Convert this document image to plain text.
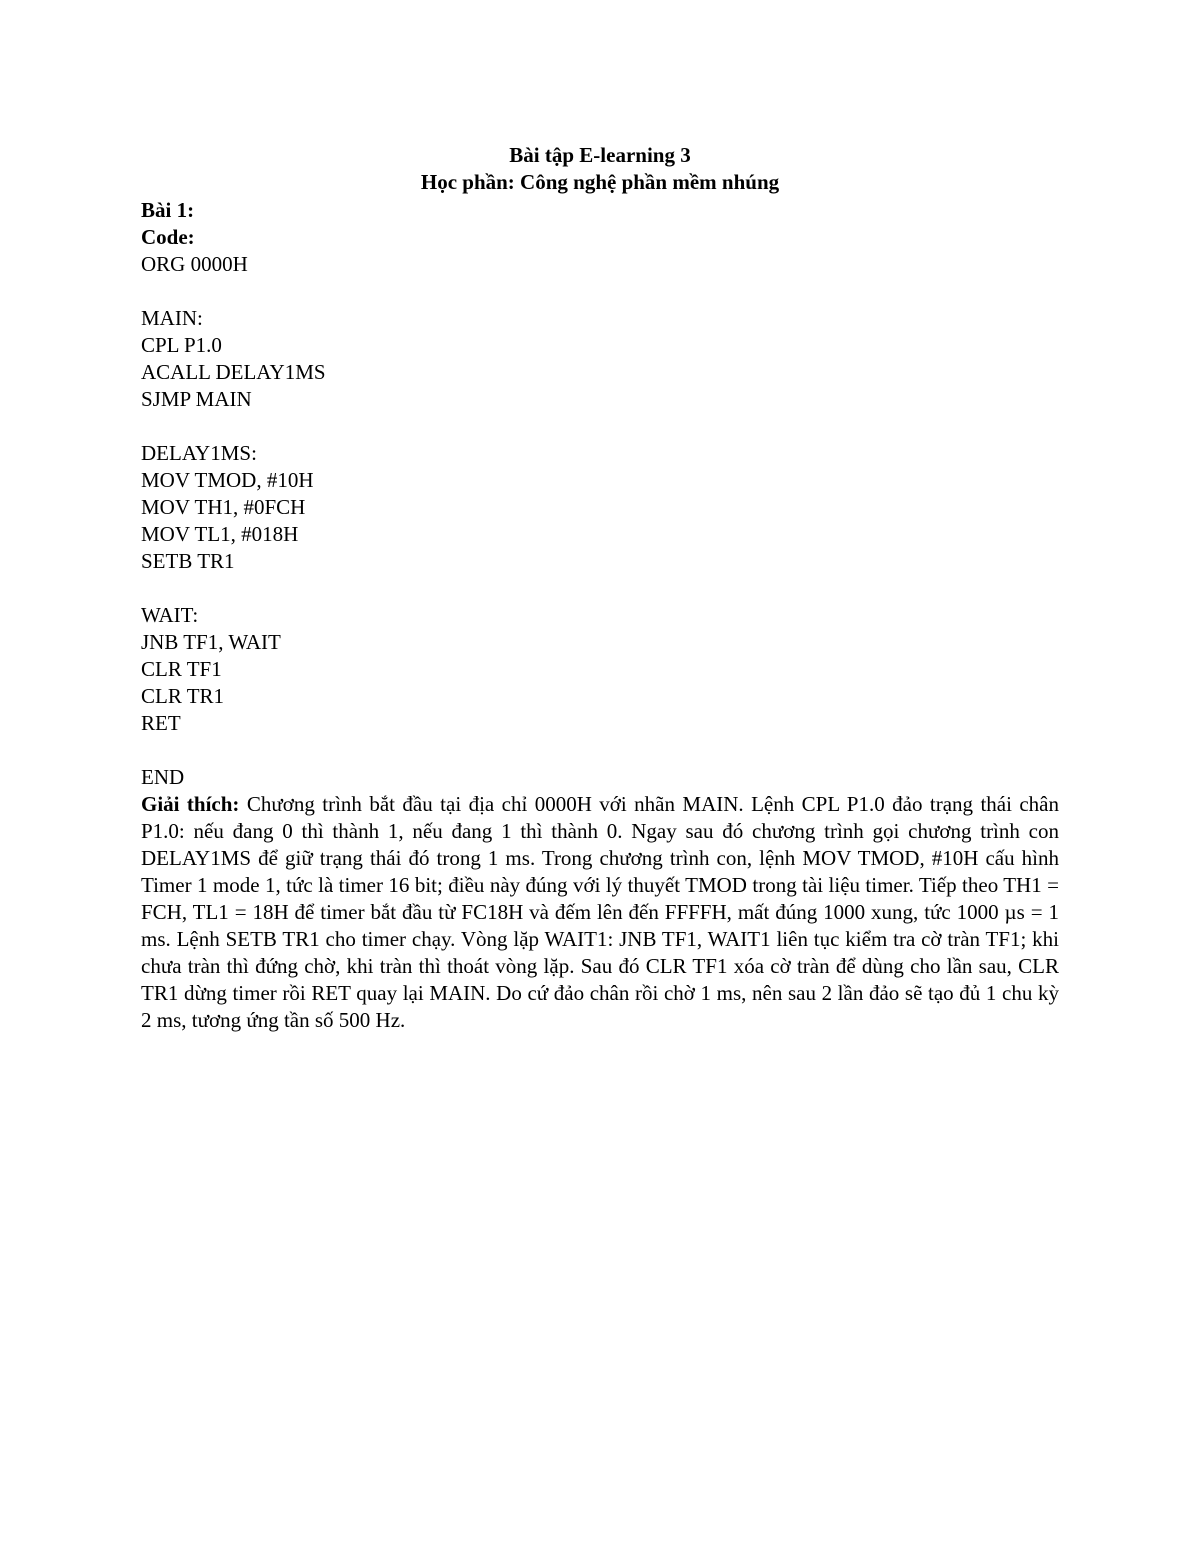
Bài tập E-learning 3
Học phần: Công nghệ phần mềm nhúng
Bài 1:
Code:
ORG 0000H
MAIN:
CPL P1.0
ACALL DELAY1MS
SJMP MAIN
DELAY1MS:
MOV TMOD, #10H
MOV TH1, #0FCH
MOV TL1, #018H
SETB TR1
WAIT:
JNB TF1, WAIT
CLR TF1
CLR TR1
RET
END
Giải thích: Chương trình bắt đầu tại địa chỉ 0000H với nhãn MAIN. Lệnh CPL P1.0 đảo trạng thái chân P1.0: nếu đang 0 thì thành 1, nếu đang 1 thì thành 0. Ngay sau đó chương trình gọi chương trình con DELAY1MS để giữ trạng thái đó trong 1 ms. Trong chương trình con, lệnh MOV TMOD, #10H cấu hình Timer 1 mode 1, tức là timer 16 bit; điều này đúng với lý thuyết TMOD trong tài liệu timer. Tiếp theo TH1 = FCH, TL1 = 18H để timer bắt đầu từ FC18H và đếm lên đến FFFFH, mất đúng 1000 xung, tức 1000 µs = 1 ms. Lệnh SETB TR1 cho timer chạy. Vòng lặp WAIT1: JNB TF1, WAIT1 liên tục kiểm tra cờ tràn TF1; khi chưa tràn thì đứng chờ, khi tràn thì thoát vòng lặp. Sau đó CLR TF1 xóa cờ tràn để dùng cho lần sau, CLR TR1 dừng timer rồi RET quay lại MAIN. Do cứ đảo chân rồi chờ 1 ms, nên sau 2 lần đảo sẽ tạo đủ 1 chu kỳ 2 ms, tương ứng tần số 500 Hz.
